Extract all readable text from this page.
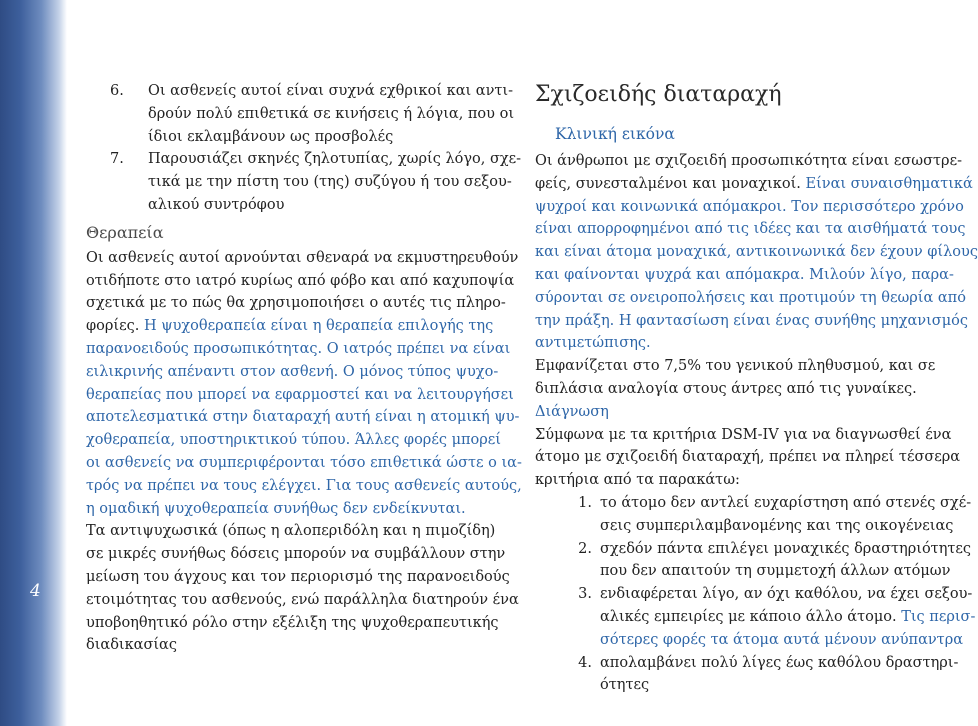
4
6. Οι ασθενείς αυτοί είναι συχνά εχθρικοί και αντι-
δρούν πολύ επιθετικά σε κινήσεις ή λόγια, που οι
ίδιοι εκλαμβάνουν ως προσβολές
7. Παρουσιάζει σκηνές ζηλοτυπίας, χωρίς λόγο, σχε-
τικά με την πίστη του (της) συζύγου ή του σεξου-
αλικού συντρόφου
Θεραπεία
Οι ασθενείς αυτοί αρνούνται σθεναρά να εκμυστηρευθούν
οτιδήποτε στο ιατρό κυρίως από φόβο και από καχυποψία
σχετικά με το πώς θα χρησιμοποιήσει ο αυτές τις πληρο-
φορίες. Η ψυχοθεραπεία είναι η θεραπεία επιλογής της
παρανοειδούς προσωπικότητας. Ο ιατρός πρέπει να είναι
ειλικρινής απέναντι στον ασθενή. Ο μόνος τύπος ψυχο-
θεραπείας που μπορεί να εφαρμοστεί και να λειτουργήσει
αποτελεσματικά στην διαταραχή αυτή είναι η ατομική ψυ-
χοθεραπεία, υποστηρικτικού τύπου. Άλλες φορές μπορεί
οι ασθενείς να συμπεριφέρονται τόσο επιθετικά ώστε ο ια-
τρός να πρέπει να τους ελέγχει. Για τους ασθενείς αυτούς,
η ομαδική ψυχοθεραπεία συνήθως δεν ενδείκνυται.
Τα αντιψυχωσικά (όπως η αλοπεριδόλη και η πιμοζίδη)
σε μικρές συνήθως δόσεις μπορούν να συμβάλλουν στην
μείωση του άγχους και τον περιορισμό της παρανοειδούς
ετοιμότητας του ασθενούς, ενώ παράλληλα διατηρούν ένα
υποβοηθητικό ρόλο στην εξέλιξη της ψυχοθεραπευτικής
διαδικασίας
Σχιζοειδής διαταραχή
Κλινική εικόνα
Οι άνθρωποι με σχιζοειδή προσωπικότητα είναι εσωστρε-
φείς, συνεσταλμένοι και μοναχικοί. Είναι συναισθηματικά
ψυχροί και κοινωνικά απόμακροι. Τον περισσότερο χρόνο
είναι απορροφημένοι από τις ιδέες και τα αισθήματά τους
και είναι άτομα μοναχικά, αντικοινωνικά δεν έχουν φίλους
και φαίνονται ψυχρά και απόμακρα. Μιλούν λίγο, παρα-
σύρονται σε ονειροπολήσεις και προτιμούν τη θεωρία από
την πράξη. Η φαντασίωση είναι ένας συνήθης μηχανισμός
αντιμετώπισης.
Εμφανίζεται στο 7,5% του γενικού πληθυσμού, και σε
διπλάσια αναλογία στους άντρες από τις γυναίκες.
Διάγνωση
Σύμφωνα με τα κριτήρια DSM-IV για να διαγνωσθεί ένα
άτομο με σχιζοειδή διαταραχή, πρέπει να πληρεί τέσσερα
κριτήρια από τα παρακάτω:
1. το άτομο δεν αντλεί ευχαρίστηση από στενές σχέ-
σεις συμπεριλαμβανομένης και της οικογένειας
2. σχεδόν πάντα επιλέγει μοναχικές δραστηριότητες
που δεν απαιτούν τη συμμετοχή άλλων ατόμων
3. ενδιαφέρεται λίγο, αν όχι καθόλου, να έχει σεξου-
αλικές εμπειρίες με κάποιο άλλο άτομο. Τις περισ-
σότερες φορές τα άτομα αυτά μένουν ανύπαντρα
4. απολαμβάνει πολύ λίγες έως καθόλου δραστηρι-
ότητες
